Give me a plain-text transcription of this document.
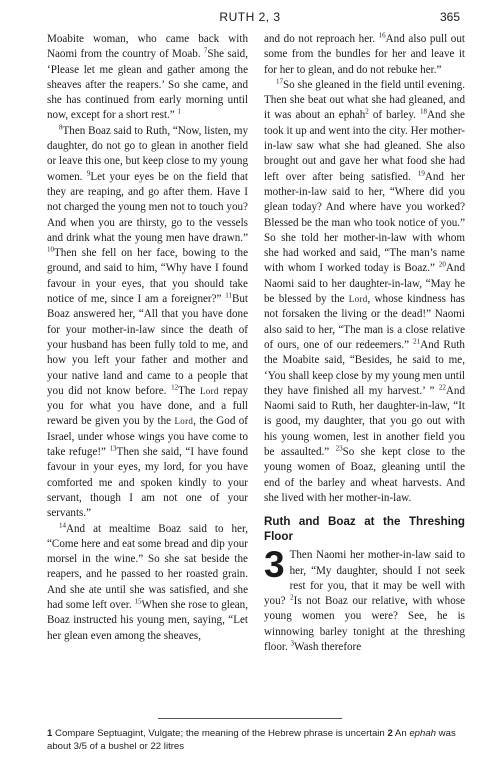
RUTH 2, 3	365

Moabite woman, who came back with Naomi from the country of Moab. $^7$She said, ‘Please let me glean and gather among the sheaves after the reapers.’ So she came, and she has continued from early morning until now, except for a short rest.” $^1$

$^8$Then Boaz said to Ruth, “Now, listen, my daughter, do not go to glean in another field or leave this one, but keep close to my young women. $^9$Let your eyes be on the field that they are reaping, and go after them. Have I not charged the young men not to touch you? And when you are thirsty, go to the vessels and drink what the young men have drawn.” $^{10}$Then she fell on her face, bowing to the ground, and said to him, “Why have I found favour in your eyes, that you should take notice of me, since I am a foreigner?” $^{11}$But Boaz answered her, “All that you have done for your mother-in-law since the death of your husband has been fully told to me, and how you left your father and mother and your native land and came to a people that you did not know before. $^{12}$The Lord repay you for what you have done, and a full reward be given you by the Lord, the God of Israel, under whose wings you have come to take refuge!” $^{13}$Then she said, “I have found favour in your eyes, my lord, for you have comforted me and spoken kindly to your servant, though I am not one of your servants.”

$^{14}$And at mealtime Boaz said to her, “Come here and eat some bread and dip your morsel in the wine.” So she sat beside the reapers, and he passed to her roasted grain. And she ate until she was satisfied, and she had some left over. $^{15}$When she rose to glean, Boaz instructed his young men, saying, “Let her glean even among the sheaves,

and do not reproach her. $^{16}$And also pull out some from the bundles for her and leave it for her to glean, and do not rebuke her.”

$^{17}$So she gleaned in the field until evening. Then she beat out what she had gleaned, and it was about an ephah$^2$ of barley. $^{18}$And she took it up and went into the city. Her mother-in-law saw what she had gleaned. She also brought out and gave her what food she had left over after being satisfied. $^{19}$And her mother-in-law said to her, “Where did you glean today? And where have you worked? Blessed be the man who took notice of you.” So she told her mother-in-law with whom she had worked and said, “The man’s name with whom I worked today is Boaz.” $^{20}$And Naomi said to her daughter-in-law, “May he be blessed by the Lord, whose kindness has not forsaken the living or the dead!” Naomi also said to her, “The man is a close relative of ours, one of our redeemers.” $^{21}$And Ruth the Moabite said, “Besides, he said to me, ‘You shall keep close by my young men until they have finished all my harvest.’ ” $^{22}$And Naomi said to Ruth, her daughter-in-law, “It is good, my daughter, that you go out with his young women, lest in another field you be assaulted.” $^{23}$So she kept close to the young women of Boaz, gleaning until the end of the barley and wheat harvests. And she lived with her mother-in-law.

Ruth and Boaz at the Threshing Floor

3 Then Naomi her mother-in-law said to her, “My daughter, should I not seek rest for you, that it may be well with you? $^2$Is not Boaz our relative, with whose young women you were? See, he is winnowing barley tonight at the threshing floor. $^3$Wash therefore

1 Compare Septuagint, Vulgate; the meaning of the Hebrew phrase is uncertain 2 An ephah was about 3/5 of a bushel or 22 litres
